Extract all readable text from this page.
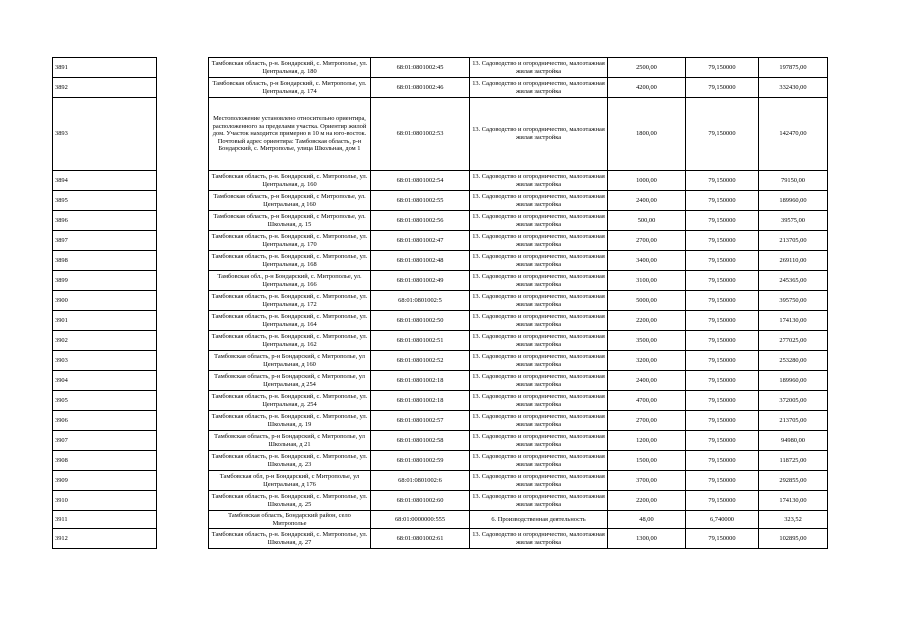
3891		Тамбовская область, р-н. Бондарский, с. Митрополье, ул. Центральная, д. 180	68:01:0801002:45	13. Садоводство и огородничество, малоэтажная жилая застройка	2500,00	79,150000	197875,00
3892		Тамбовская область, р-н Бондарский, с. Митрополье, ул. Центральная, д. 174	68:01:0801002:46	13. Садоводство и огородничество, малоэтажная жилая застройка	4200,00	79,150000	332430,00
3893		Местоположение установлено относительно ориентира, расположенного за пределами участка. Ориентир жилой дом. Участок находится примерно в 10 м на юго-восток. Почтовый адрес ориентира: Тамбовская область, р-н Бондарский, с. Митрополье, улица Школьная, дом 1	68:01:0801002:53	13. Садоводство и огородничество, малоэтажная жилая застройка	1800,00	79,150000	142470,00
3894		Тамбовская область, р-н. Бондарский, с. Митрополье, ул. Центральная, д. 160	68:01:0801002:54	13. Садоводство и огородничество, малоэтажная жилая застройка	1000,00	79,150000	79150,00
3895		Тамбовская область, р-н Бондарский, с Митрополье, ул. Центральная, д 160	68:01:0801002:55	13. Садоводство и огородничество, малоэтажная жилая застройка	2400,00	79,150000	189960,00
3896		Тамбовская область, р-н Бондарский, с Митрополье, ул. Школьная, д. 15	68:01:0801002:56	13. Садоводство и огородничество, малоэтажная жилая застройка	500,00	79,150000	39575,00
3897		Тамбовская область, р-н. Бондарский, с. Митрополье, ул. Центральная, д. 170	68:01:0801002:47	13. Садоводство и огородничество, малоэтажная жилая застройка	2700,00	79,150000	213705,00
3898		Тамбовская область, р-н. Бондарский, с. Митрополье, ул. Центральная, д. 168	68:01:0801002:48	13. Садоводство и огородничество, малоэтажная жилая застройка	3400,00	79,150000	269110,00
3899		Тамбовская обл., р-н Бондарский, с. Митрополье, ул. Центральная, д. 166	68:01:0801002:49	13. Садоводство и огородничество, малоэтажная жилая застройка	3100,00	79,150000	245365,00
3900		Тамбовская область, р-н. Бондарский, с. Митрополье, ул. Центральная, д. 172	68:01:0801002:5	13. Садоводство и огородничество, малоэтажная жилая застройка	5000,00	79,150000	395750,00
3901		Тамбовская область, р-н. Бондарский, с. Митрополье, ул. Центральная, д. 164	68:01:0801002:50	13. Садоводство и огородничество, малоэтажная жилая застройка	2200,00	79,150000	174130,00
3902		Тамбовская область, р-н. Бондарский, с. Митрополье, ул. Центральная, д. 162	68:01:0801002:51	13. Садоводство и огородничество, малоэтажная жилая застройка	3500,00	79,150000	277025,00
3903		Тамбовская область, р-н Бондарский, с Митрополье, ул Центральная, д 160	68:01:0801002:52	13. Садоводство и огородничество, малоэтажная жилая застройка	3200,00	79,150000	253280,00
3904		Тамбовская область, р-н Бондарский, с Митрополье, ул Центральная, д 254	68:01:0801002:18	13. Садоводство и огородничество, малоэтажная жилая застройка	2400,00	79,150000	189960,00
3905		Тамбовская область, р-н. Бондарский, с. Митрополье, ул. Центральная, д. 254	68:01:0801002:18	13. Садоводство и огородничество, малоэтажная жилая застройка	4700,00	79,150000	372005,00
3906		Тамбовская область, р-н. Бондарский, с. Митрополье, ул. Школьная, д. 19	68:01:0801002:57	13. Садоводство и огородничество, малоэтажная жилая застройка	2700,00	79,150000	213705,00
3907		Тамбовская область, р-н Бондарский, с Митрополье, ул Школьная, д 21	68:01:0801002:58	13. Садоводство и огородничество, малоэтажная жилая застройка	1200,00	79,150000	94980,00
3908		Тамбовская область, р-н. Бондарский, с. Митрополье, ул. Школьная, д. 23	68:01:0801002:59	13. Садоводство и огородничество, малоэтажная жилая застройка	1500,00	79,150000	118725,00
3909		Тамбовская обл, р-н Бондарский, с Митрополье, ул Центральная, д 176	68:01:0801002:6	13. Садоводство и огородничество, малоэтажная жилая застройка	3700,00	79,150000	292855,00
3910		Тамбовская область, р-н. Бондарский, с. Митрополье, ул. Школьная, д. 25	68:01:0801002:60	13. Садоводство и огородничество, малоэтажная жилая застройка	2200,00	79,150000	174130,00
3911		Тамбовская область, Бондарский район, село Митрополье	68:01:0000000:555	6. Производственная деятельность	48,00	6,740000	323,52
3912		Тамбовская область, р-н. Бондарский, с. Митрополье, ул. Школьная, д. 27	68:01:0801002:61	13. Садоводство и огородничество, малоэтажная жилая застройка	1300,00	79,150000	102895,00
